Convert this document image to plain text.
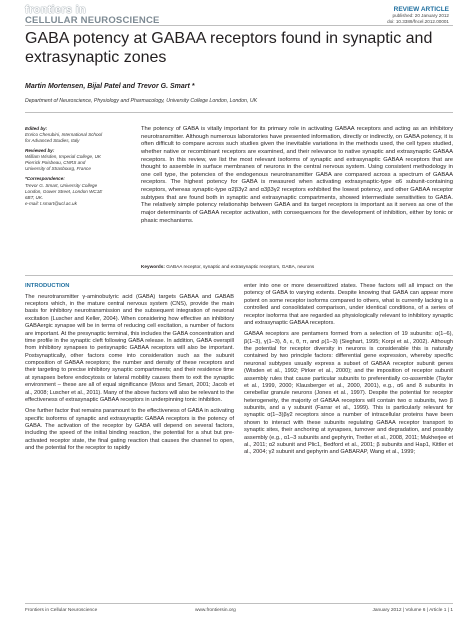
frontiers in
CELLULAR NEUROSCIENCE
REVIEW ARTICLE
published: 20 January 2012
doi: 10.3389/fncel.2012.00001
GABA potency at GABAA receptors found in synaptic and extrasynaptic zones
Martin Mortensen, Bijal Patel and Trevor G. Smart *
Department of Neuroscience, Physiology and Pharmacology, University College London, London, UK
Edited by:
Enrico Cherubini, International School
for Advanced Studies, Italy
Reviewed by:
William Wisden, Imperial College, UK
Pierrick Poisbeau, CNRS and
University of Strasbourg, France
*Correspondence:
Trevor G. Smart, University College
London, Gower Street, London WC1E
6BT, UK.
e-mail: t.smart@ucl.ac.uk
The potency of GABA is vitally important for its primary role in activating GABAA receptors and acting as an inhibitory neurotransmitter. Although numerous laboratories have presented information, directly or indirectly, on GABA potency, it is often difficult to compare across such studies given the inevitable variations in the methods used, the cell types studied, whether native or recombinant receptors are examined, and their relevance to native synaptic and extrasynaptic GABAA receptors. In this review, we list the most relevant isoforms of synaptic and extrasynaptic GABAA receptors that are thought to assemble in surface membranes of neurons in the central nervous system. Using consistent methodology in one cell type, the potencies of the endogenous neurotransmitter GABA are compared across a spectrum of GABAA receptors. The highest potency for GABA is measured when activating extrasynaptic-type α6 subunit-containing receptors, whereas synaptic-type α2β3γ2 and α3β3γ2 receptors exhibited the lowest potency, and other GABAA receptor subtypes that are found both in synaptic and extrasynaptic compartments, showed intermediate sensitivities to GABA. The relatively simple potency relationship between GABA and its target receptors is important as it serves as one of the major determinants of GABAA receptor activation, with consequences for the development of inhibition, either by tonic or phasic mechanisms.
Keywords: GABAA receptor, synaptic and extrasynaptic receptors, GABA, neurons
INTRODUCTION

The neurotransmitter γ-aminobutyric acid (GABA) targets GABAA and GABAB receptors which, in the mature central nervous system (CNS), provide the main basis for inhibitory neurotransmission and the subsequent integration of neuronal excitation (Luscher and Keller, 2004). When considering how effective an inhibitory GABAergic synapse will be in terms of reducing cell excitation, a number of factors are important. At the presynaptic terminal, this includes the GABA concentration and time profile in the synaptic cleft following GABA release. In addition, GABA overspill from inhibitory synapses to perisynaptic GABAA receptors will also be important. Postsynaptically, other factors come into consideration such as the subunit composition of GABAA receptors; the number and density of these receptors and their targeting to precise inhibitory synaptic compartments; and their residence time at synapses before endocytosis or lateral mobility causes them to exit the synaptic environment – these are all of equal significance (Moss and Smart, 2001; Jacob et al., 2008; Luscher et al., 2011). Many of the above factors will also be relevant to the effectiveness of extrasynaptic GABAA receptors in underpinning tonic inhibition.

One further factor that remains paramount to the effectiveness of GABA in activating specific isoforms of synaptic and extrasynaptic GABAA receptors is the potency of GABA. The activation of the receptor by GABA will depend on several factors, including the speed of the initial binding reaction, the potential for a shut but pre-activated receptor state, the final gating reaction that causes the channel to open, and the potential for the receptor to rapidly

enter into one or more desensitized states. These factors will all impact on the potency of GABA to varying extents. Despite knowing that GABA can appear more potent on some receptor isoforms compared to others, what is currently lacking is a controlled and consolidated comparison, under identical conditions, of a series of receptor isoforms that are regarded as physiologically relevant to inhibitory synaptic and extrasynaptic GABAA receptors.

GABAA receptors are pentamers formed from a selection of 19 subunits: α(1–6), β(1–3), γ(1–3), δ, ε, θ, π, and ρ(1–3) (Sieghart, 1995; Korpi et al., 2002). Although the potential for receptor diversity in neurons is considerable this is naturally contained by two principle factors: differential gene expression, whereby specific neuronal subtypes usually express a subset of GABAA receptor subunit genes (Wisden et al., 1992; Pirker et al., 2000); and the imposition of receptor subunit assembly rules that cause particular subunits to preferentially co-assemble (Taylor et al., 1999, 2000; Klausberger et al., 2000, 2001), e.g., α6 and δ subunits in cerebellar granule neurons (Jones et al., 1997). Despite the potential for receptor heterogeneity, the majority of GABAA receptors will contain two α subunits, two β subunits, and a γ subunit (Farrar et al., 1999). This is particularly relevant for synaptic α(1–3)βγ2 receptors since a number of intracellular proteins have been shown to interact with these subunits regulating GABAA receptor transport to synaptic sites, their anchoring at synapses, turnover and degradation, and possibly assembly (e.g., α1–3 subunits and gephyrin, Tretter et al., 2008, 2011; Mukherjee et al., 2011; α2 subunit and Plic1, Bedford et al., 2001; β subunits and Hap1, Kittler et al., 2004; γ2 subunit and gephyrin and GABARAP, Wang et al., 1999;

Frontiers in Cellular Neuroscience	www.frontiersin.org	January 2012 | Volume 6 | Article 1 | 1
